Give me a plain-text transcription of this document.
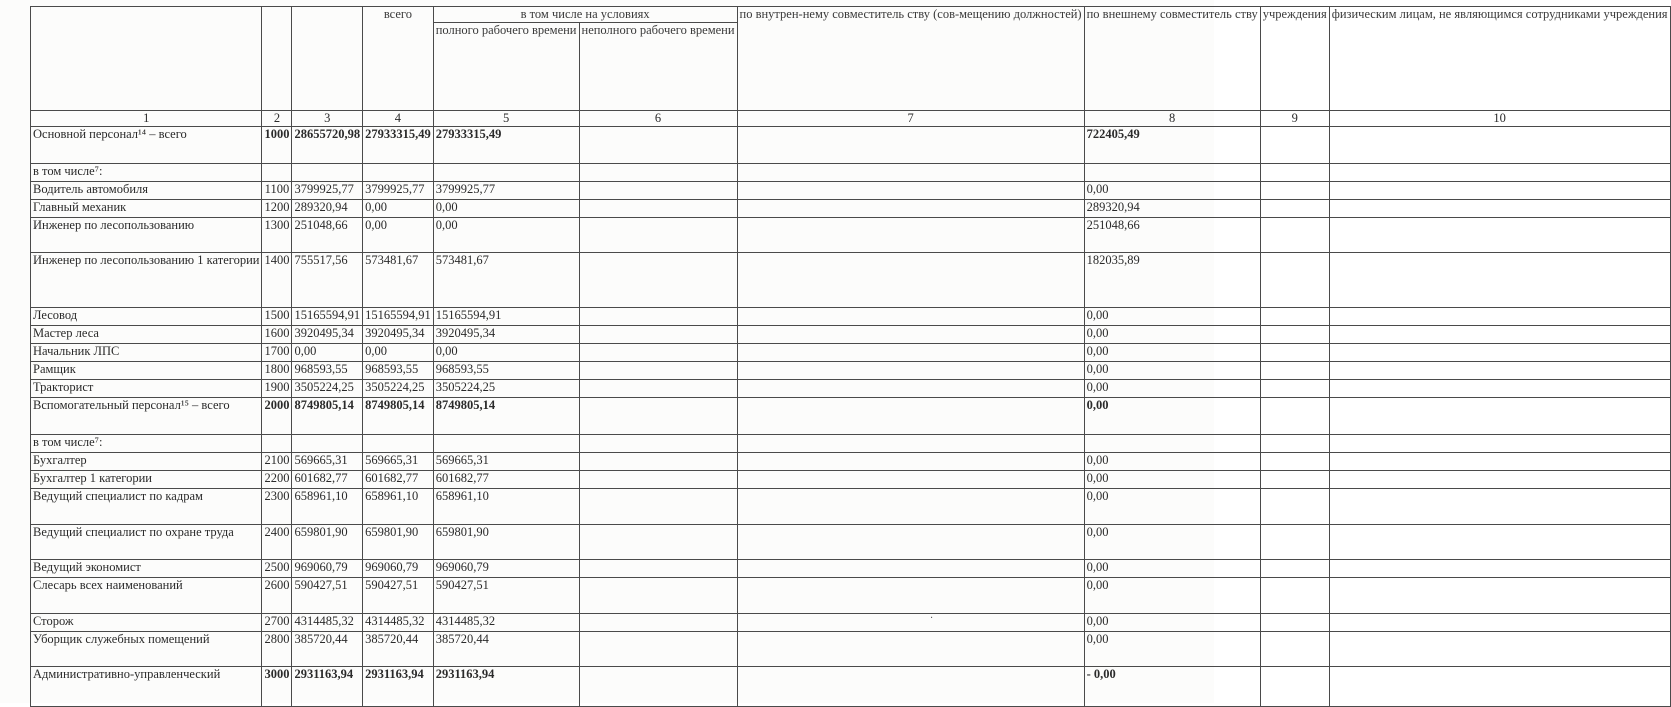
			всего	в том числе на условиях		по внутрен-нему совместитель ству (сов-мещению должностей)	по внешнему совместитель ству	учреждения	физическим лицам, не являющимся сотрудниками учреждения
				полного рабочего времени	неполного рабочего времени				
1	2	3	4	5	6	7	8	9	10
Основной персонал¹⁴ – всего	1000	28655720,98	27933315,49	27933315,49			722405,49		
в том числе⁷:									
Водитель автомобиля	1100	3799925,77	3799925,77	3799925,77			0,00		
Главный механик	1200	289320,94	0,00	0,00			289320,94		
Инженер по лесопользованию	1300	251048,66	0,00	0,00			251048,66		
Инженер по лесопользованию 1 категории	1400	755517,56	573481,67	573481,67			182035,89		
Лесовод	1500	15165594,91	15165594,91	15165594,91			0,00		
Мастер леса	1600	3920495,34	3920495,34	3920495,34			0,00		
Начальник ЛПС	1700	0,00	0,00	0,00			0,00		
Рамщик	1800	968593,55	968593,55	968593,55			0,00		
Тракторист	1900	3505224,25	3505224,25	3505224,25			0,00		
Вспомогательный персонал¹⁵ – всего	2000	8749805,14	8749805,14	8749805,14			0,00		
в том числе⁷:									
Бухгалтер	2100	569665,31	569665,31	569665,31			0,00		
Бухгалтер 1 категории	2200	601682,77	601682,77	601682,77			0,00		
Ведущий специалист по кадрам	2300	658961,10	658961,10	658961,10			0,00		
Ведущий специалист по охране труда	2400	659801,90	659801,90	659801,90			0,00		
Ведущий экономист	2500	969060,79	969060,79	969060,79			0,00		
Слесарь всех наименований	2600	590427,51	590427,51	590427,51			0,00		
Сторож	2700	4314485,32	4314485,32	4314485,32			0,00		
Уборщик служебных помещений	2800	385720,44	385720,44	385720,44			0,00		
Административно-управленческий	3000	2931163,94	2931163,94	2931163,94			- 0,00		
·
